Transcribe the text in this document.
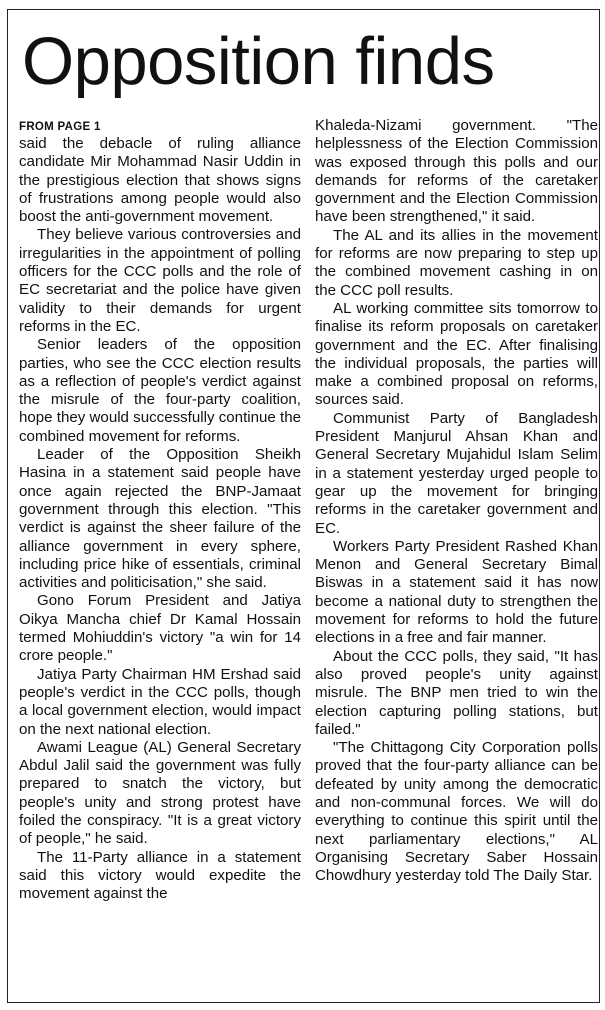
Opposition finds
FROM PAGE 1

said the debacle of ruling alliance candidate Mir Mohammad Nasir Uddin in the prestigious election that shows signs of frustrations among people would also boost the anti-government movement.

They believe various controversies and irregularities in the appointment of polling officers for the CCC polls and the role of EC secretariat and the police have given validity to their demands for urgent reforms in the EC.

Senior leaders of the opposition parties, who see the CCC election results as a reflection of people's verdict against the misrule of the four-party coalition, hope they would successfully continue the combined movement for reforms.

Leader of the Opposition Sheikh Hasina in a statement said people have once again rejected the BNP-Jamaat government through this election. "This verdict is against the sheer failure of the alliance government in every sphere, including price hike of essentials, criminal activities and politicisation," she said.

Gono Forum President and Jatiya Oikya Mancha chief Dr Kamal Hossain termed Mohiuddin's victory "a win for 14 crore people."

Jatiya Party Chairman HM Ershad said people's verdict in the CCC polls, though a local government election, would impact on the next national election.

Awami League (AL) General Secretary Abdul Jalil said the government was fully prepared to snatch the victory, but people's unity and strong protest have foiled the conspiracy. "It is a great victory of people," he said.

The 11-Party alliance in a statement said this victory would expedite the movement against the

Khaleda-Nizami government. "The helplessness of the Election Commission was exposed through this polls and our demands for reforms of the caretaker government and the Election Commission have been strengthened," it said.

The AL and its allies in the movement for reforms are now preparing to step up the combined movement cashing in on the CCC poll results.

AL working committee sits tomorrow to finalise its reform proposals on caretaker government and the EC. After finalising the individual proposals, the parties will make a combined proposal on reforms, sources said.

Communist Party of Bangladesh President Manjurul Ahsan Khan and General Secretary Mujahidul Islam Selim in a statement yesterday urged people to gear up the movement for bringing reforms in the caretaker government and EC.

Workers Party President Rashed Khan Menon and General Secretary Bimal Biswas in a statement said it has now become a national duty to strengthen the movement for reforms to hold the future elections in a free and fair manner.

About the CCC polls, they said, "It has also proved people's unity against misrule. The BNP men tried to win the election capturing polling stations, but failed."

"The Chittagong City Corporation polls proved that the four-party alliance can be defeated by unity among the democratic and non-communal forces. We will do everything to continue this spirit until the next parliamentary elections," AL Organising Secretary Saber Hossain Chowdhury yesterday told The Daily Star.
